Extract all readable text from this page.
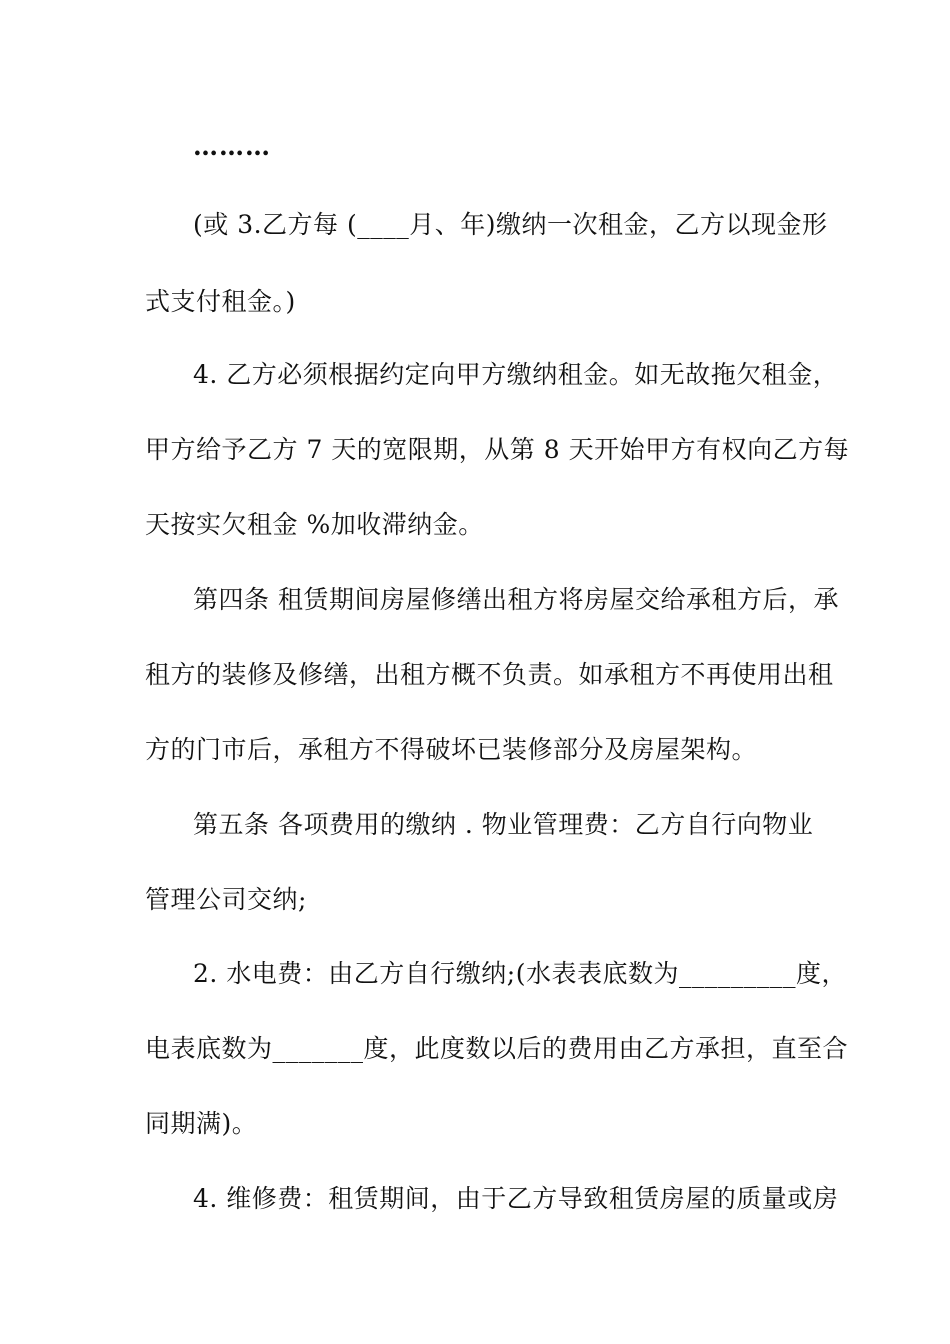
………
(或 3.乙方每 (____月、年)缴纳一次租金，乙方以现金形
式支付租金。)
4. 乙方必须根据约定向甲方缴纳租金。如无故拖欠租金，
甲方给予乙方 7 天的宽限期，从第 8 天开始甲方有权向乙方每
天按实欠租金 %加收滞纳金。
第四条 租赁期间房屋修缮出租方将房屋交给承租方后，承
租方的装修及修缮，出租方概不负责。如承租方不再使用出租
方的门市后，承租方不得破坏已装修部分及房屋架构。
第五条 各项费用的缴纳 . 物业管理费：乙方自行向物业
管理公司交纳;
2. 水电费：由乙方自行缴纳;(水表表底数为_________度，
电表底数为_______度，此度数以后的费用由乙方承担，直至合
同期满)。
4. 维修费：租赁期间，由于乙方导致租赁房屋的质量或房
